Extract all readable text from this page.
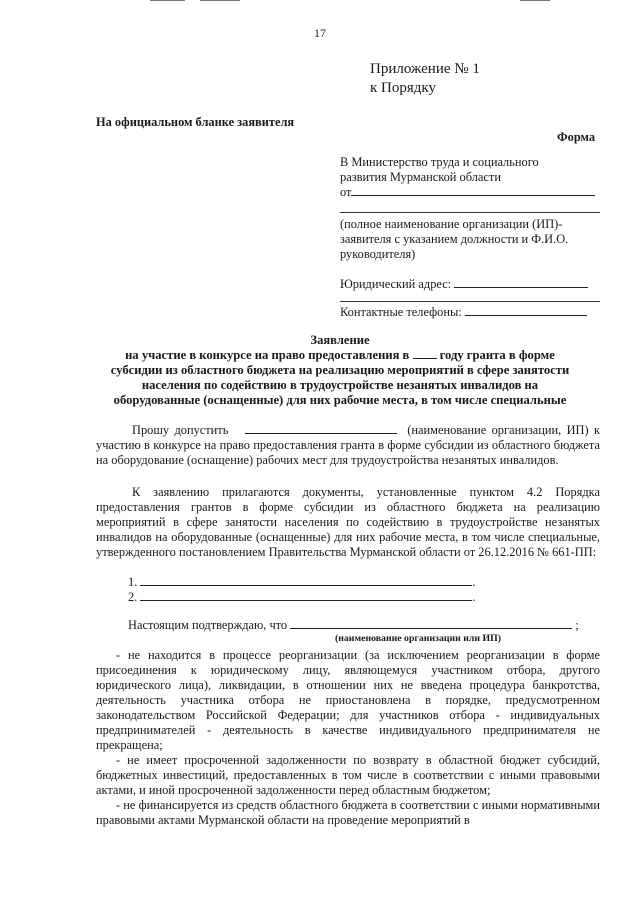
17
Приложение № 1
к Порядку
На официальном бланке заявителя
Форма
В Министерство труда и социального
развития Мурманской области
от
(полное наименование организации (ИП)-заявителя с указанием должности и Ф.И.О. руководителя)
Юридический адрес:
Контактные телефоны:
Заявление
на участие в конкурсе на право предоставления в году гранта в форме
субсидии из областного бюджета на реализацию мероприятий в сфере занятости
населения по содействию в трудоустройстве незанятых инвалидов на
оборудованные (оснащенные) для них рабочие места, в том числе специальные
Прошу допустить	(наименование организации, ИП) к участию в конкурсе на право предоставления гранта в форме субсидии из областного бюджета на оборудование (оснащение) рабочих мест для трудоустройства незанятых инвалидов.
К заявлению прилагаются документы, установленные пунктом 4.2 Порядка предоставления грантов в форме субсидии из областного бюджета на реализацию мероприятий в сфере занятости населения по содействию в трудоустройстве незанятых инвалидов на оборудованные (оснащенные) для них рабочие места, в том числе специальные, утвержденного постановлением Правительства Мурманской области от 26.12.2016 № 661-ПП:
1.	.
2.	.
Настоящим подтверждаю, что	;
(наименование организации или ИП)

- не находится в процессе реорганизации (за исключением реорганизации в форме присоединения к юридическому лицу, являющемуся участником отбора, другого юридического лица), ликвидации, в отношении них не введена процедура банкротства, деятельность участника отбора не приостановлена в порядке, предусмотренном законодательством Российской Федерации; для участников отбора - индивидуальных предпринимателей - деятельность в качестве индивидуального предпринимателя не прекращена;

- не имеет просроченной задолженности по возврату в областной бюджет субсидий, бюджетных инвестиций, предоставленных в том числе в соответствии с иными правовыми актами, и иной просроченной задолженности перед областным бюджетом;

- не финансируется из средств областного бюджета в соответствии с иными нормативными правовыми актами Мурманской области на проведение мероприятий в
